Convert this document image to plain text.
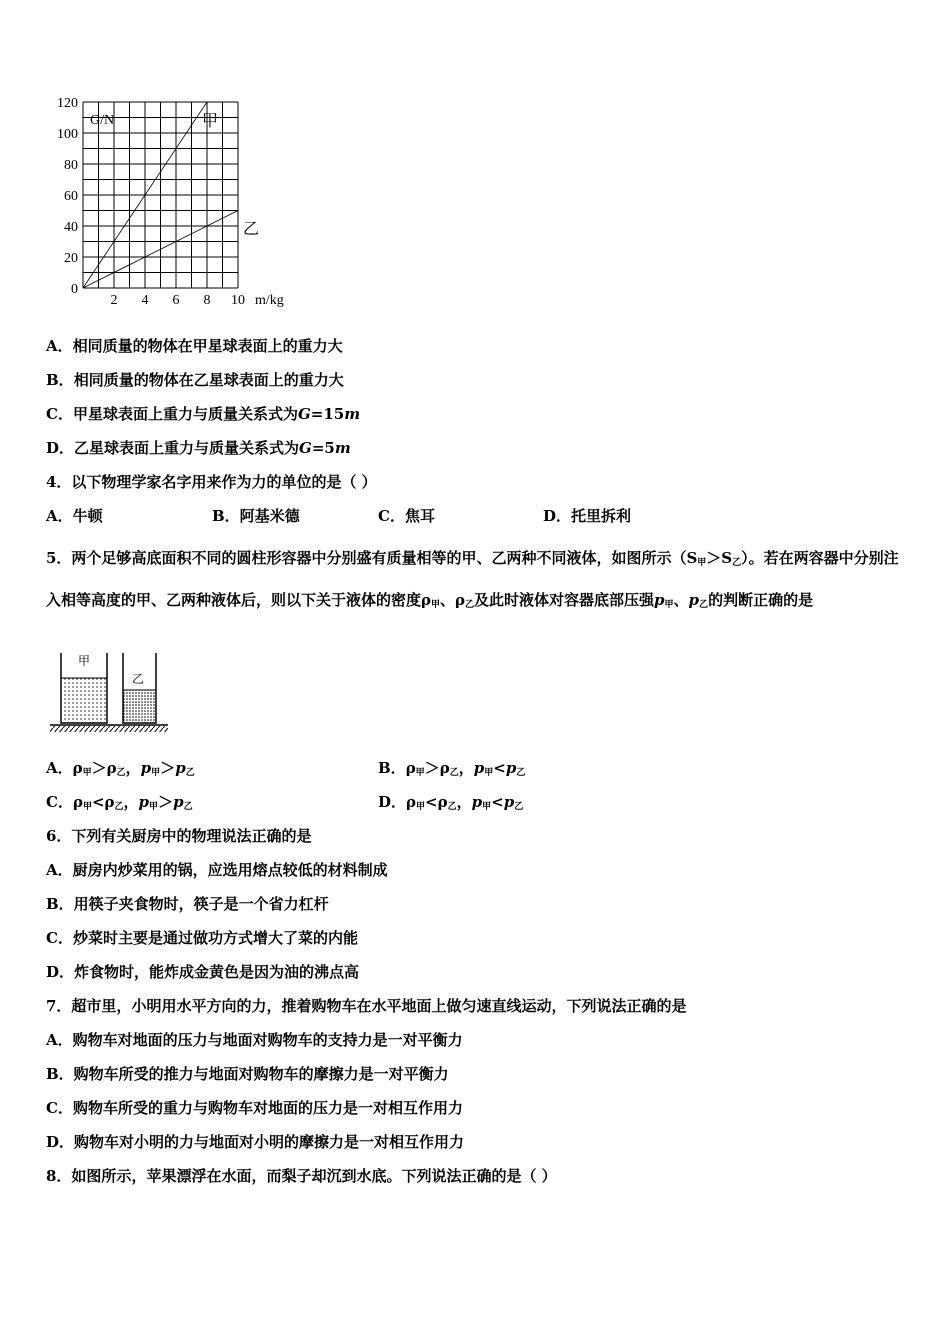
0
20
40
60
80
100
120
2 4 6 8 10
G/N
m/kg
甲
乙
A．相同质量的物体在甲星球表面上的重力大
B．相同质量的物体在乙星球表面上的重力大
C．甲星球表面上重力与质量关系式为G=15m
D．乙星球表面上重力与质量关系式为G=5m
4．以下物理学家名字用来作为力的单位的是（ ）
A．牛顿	B．阿基米德	C．焦耳	D．托里拆利
5．两个足够高底面积不同的圆柱形容器中分别盛有质量相等的甲、乙两种不同液体，如图所示$(S_甲>S_乙)$。若在两容器中分别注入相等高度的甲、乙两种液体后，则以下关于液体的密度$\rho_甲$、$\rho_乙$及此时液体对容器底部压强$p_甲$、$p_乙$的判断正确的是
甲
乙
A．$\rho_甲>\rho_乙$，$p_甲>p_乙$	B．$\rho_甲>\rho_乙$，$p_甲<p_乙$
C．$\rho_甲<\rho_乙$，$p_甲>p_乙$	D．$\rho_甲<\rho_乙$，$p_甲<p_乙$
6．下列有关厨房中的物理说法正确的是
A．厨房内炒菜用的锅，应选用熔点较低的材料制成
B．用筷子夹食物时，筷子是一个省力杠杆
C．炒菜时主要是通过做功方式增大了菜的内能
D．炸食物时，能炸成金黄色是因为油的沸点高
7．超市里，小明用水平方向的力，推着购物车在水平地面上做匀速直线运动，下列说法正确的是
A．购物车对地面的压力与地面对购物车的支持力是一对平衡力
B．购物车所受的推力与地面对购物车的摩擦力是一对平衡力
C．购物车所受的重力与购物车对地面的压力是一对相互作用力
D．购物车对小明的力与地面对小明的摩擦力是一对相互作用力
8．如图所示，苹果漂浮在水面，而梨子却沉到水底。下列说法正确的是（ ）
